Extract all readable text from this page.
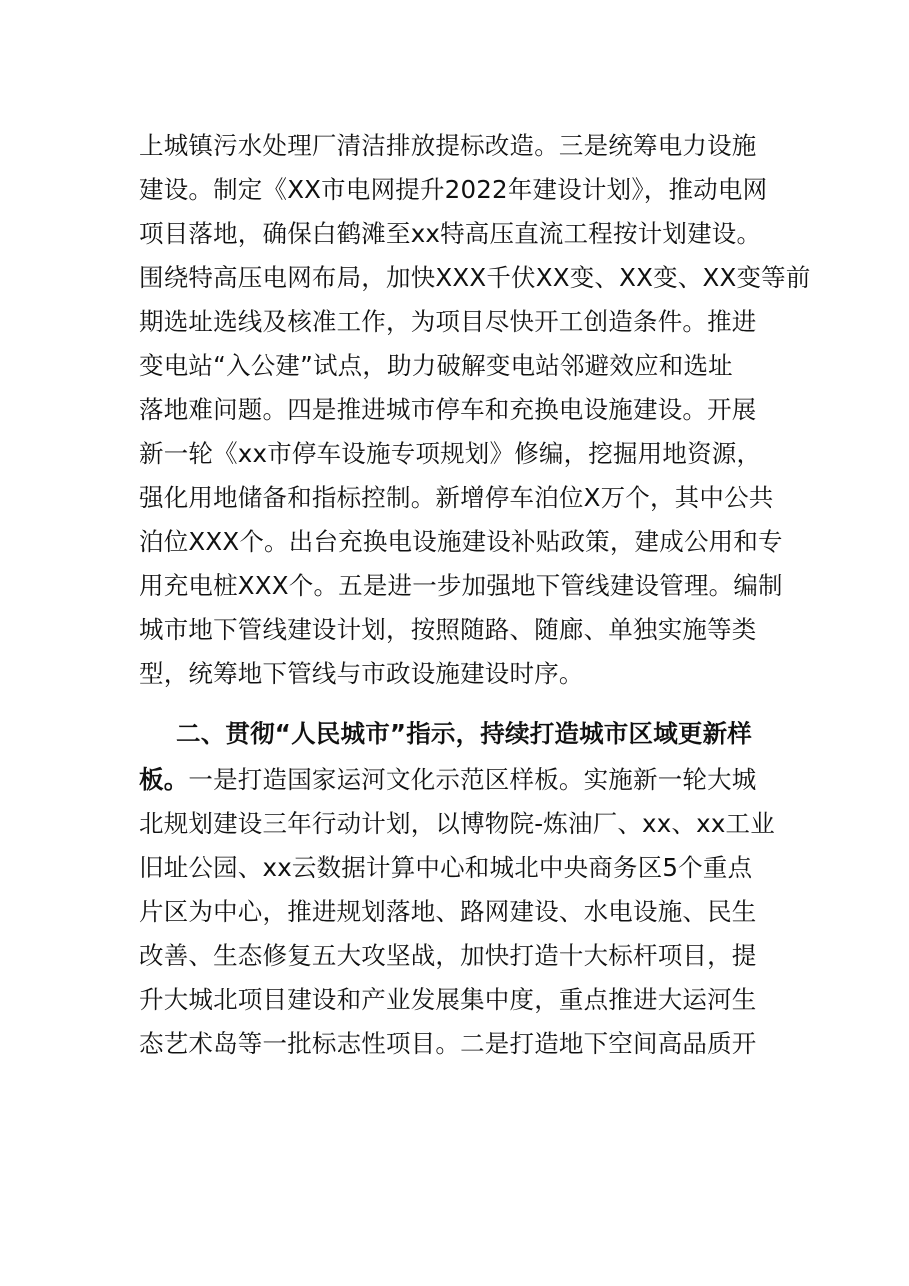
上城镇污水处理厂清洁排放提标改造。三是统筹电力设施
建设。制定《XX市电网提升2022年建设计划》，推动电网
项目落地，确保白鹤滩至xx特高压直流工程按计划建设。
围绕特高压电网布局，加快XXX千伏XX变、XX变、XX变等前
期选址选线及核准工作，为项目尽快开工创造条件。推进
变电站“入公建”试点，助力破解变电站邻避效应和选址
落地难问题。四是推进城市停车和充换电设施建设。开展
新一轮《xx市停车设施专项规划》修编，挖掘用地资源，
强化用地储备和指标控制。新增停车泊位X万个，其中公共
泊位XXX个。出台充换电设施建设补贴政策，建成公用和专
用充电桩XXX个。五是进一步加强地下管线建设管理。编制
城市地下管线建设计划，按照随路、随廊、单独实施等类
型，统筹地下管线与市政设施建设时序。
二、贯彻“人民城市”指示，持续打造城市区域更新样
板。一是打造国家运河文化示范区样板。实施新一轮大城
北规划建设三年行动计划，以博物院-炼油厂、xx、xx工业
旧址公园、xx云数据计算中心和城北中央商务区5个重点
片区为中心，推进规划落地、路网建设、水电设施、民生
改善、生态修复五大攻坚战，加快打造十大标杆项目，提
升大城北项目建设和产业发展集中度，重点推进大运河生
态艺术岛等一批标志性项目。二是打造地下空间高品质开
